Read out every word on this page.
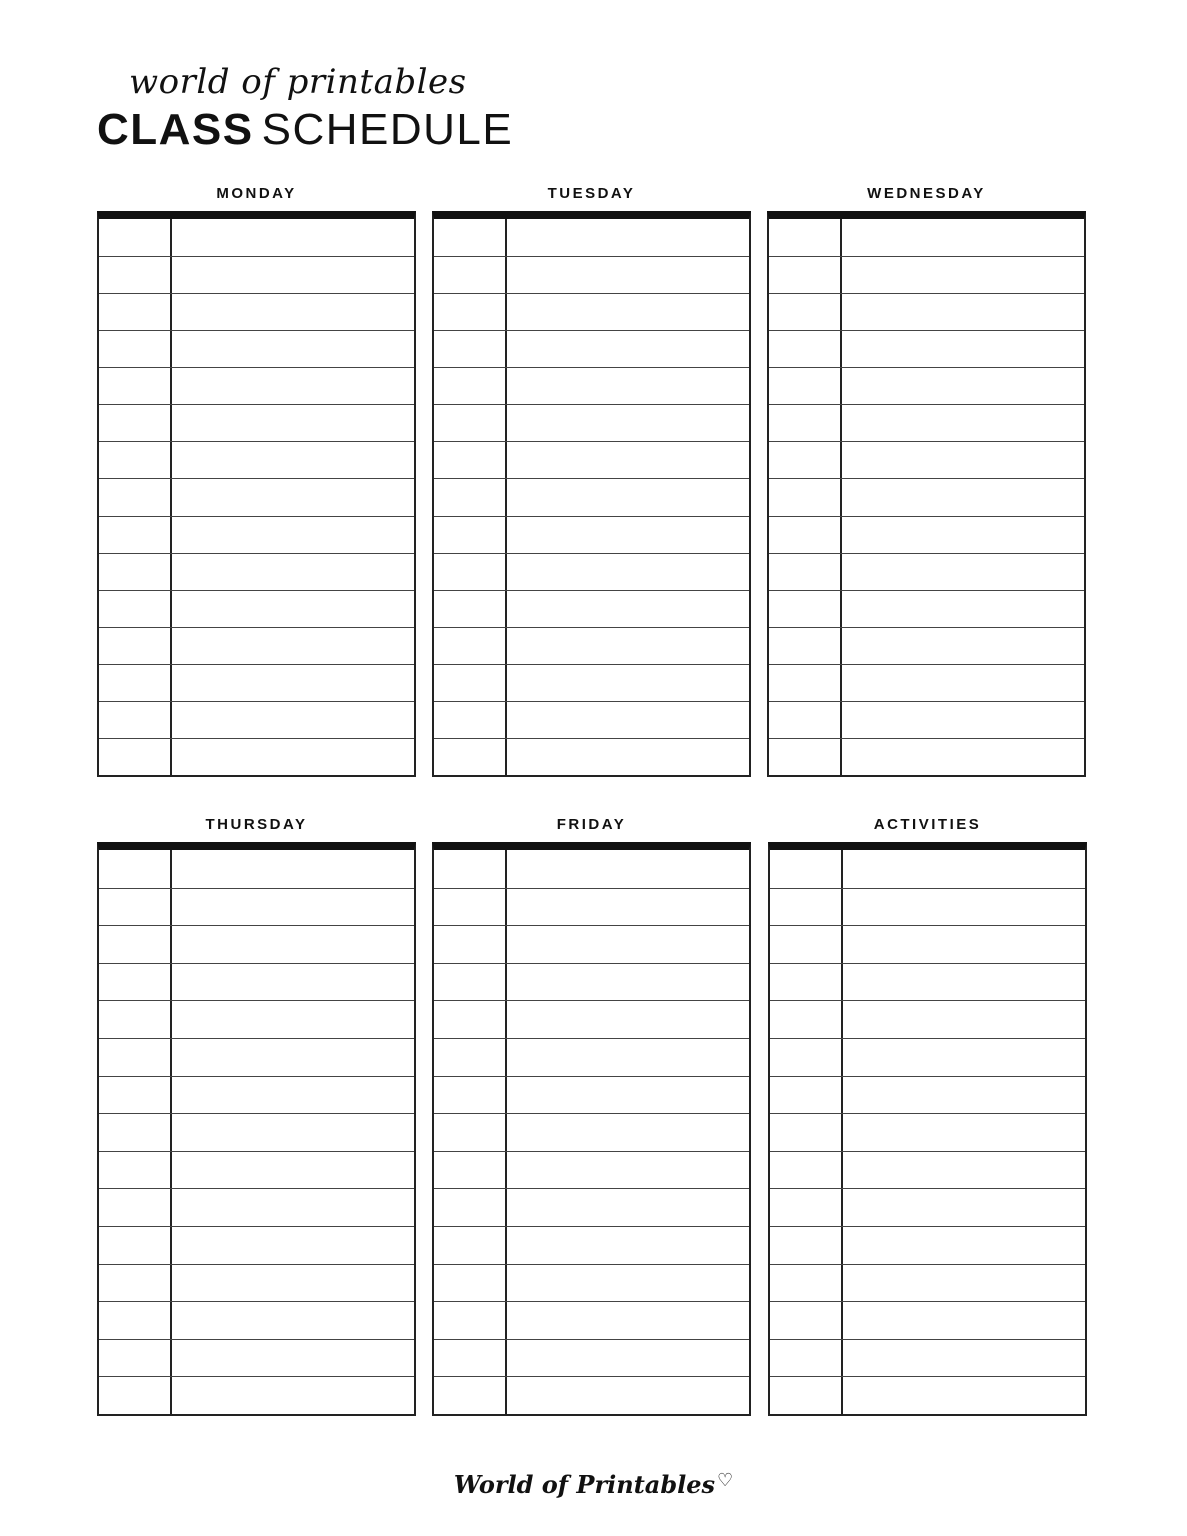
world of printables
CLASS SCHEDULE
MONDAY	TUESDAY	WEDNESDAY
THURSDAY	FRIDAY	ACTIVITIES
World of Printables ♡
